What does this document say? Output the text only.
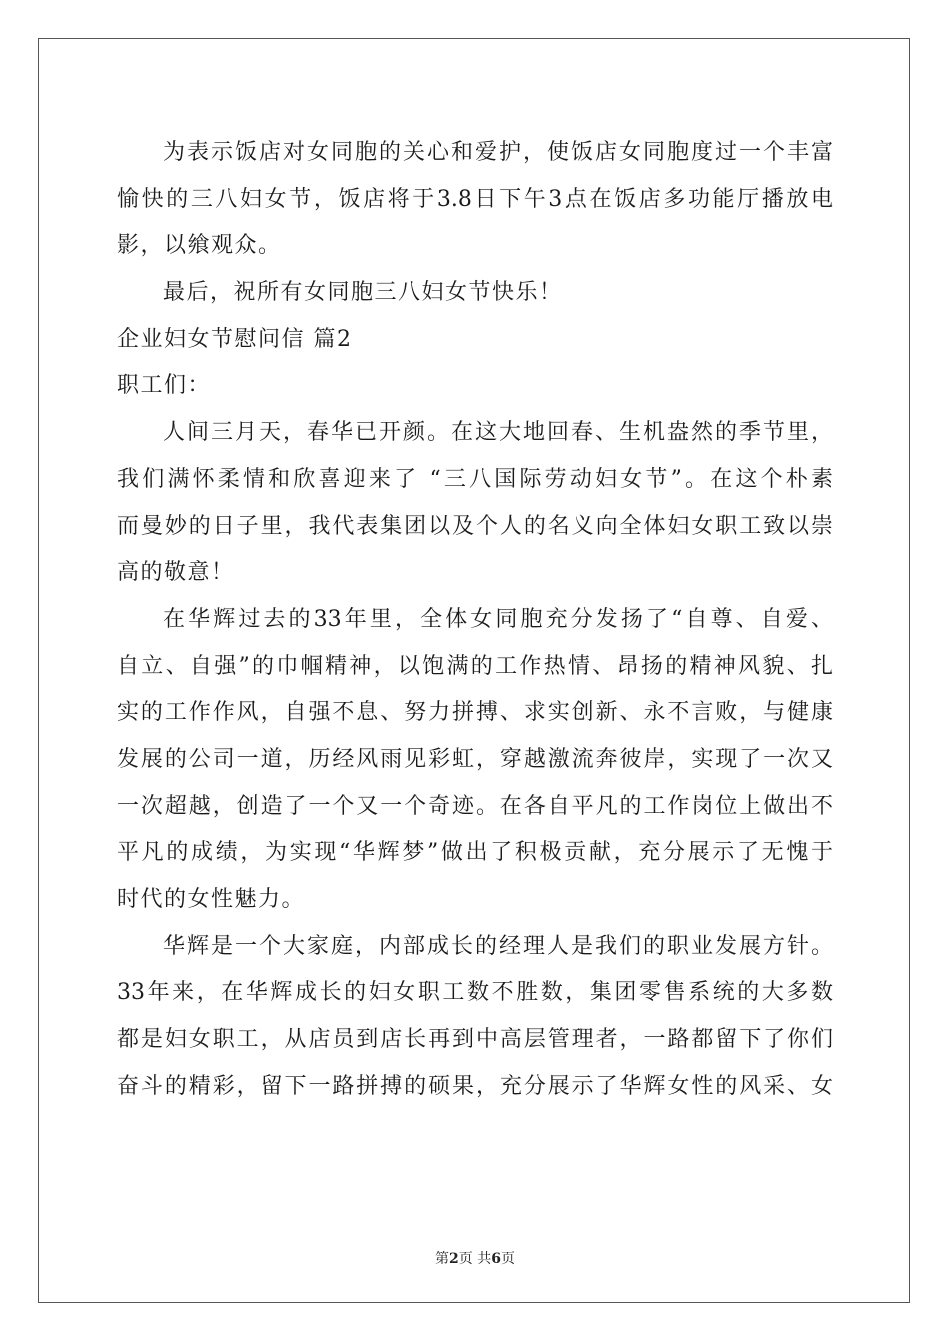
为表示饭店对女同胞的关心和爱护，使饭店女同胞度过一个丰富
愉快的三八妇女节，饭店将于3.8日下午3点在饭店多功能厅播放电
影，以飨观众。
最后，祝所有女同胞三八妇女节快乐！
企业妇女节慰问信 篇2
职工们：
人间三月天，春华已开颜。在这大地回春、生机盎然的季节里，
我们满怀柔情和欣喜迎来了 “三八国际劳动妇女节”。在这个朴素
而曼妙的日子里，我代表集团以及个人的名义向全体妇女职工致以崇
高的敬意！
在华辉过去的33年里，全体女同胞充分发扬了“自尊、自爱、
自立、自强”的巾帼精神，以饱满的工作热情、昂扬的精神风貌、扎
实的工作作风，自强不息、努力拼搏、求实创新、永不言败，与健康
发展的公司一道，历经风雨见彩虹，穿越激流奔彼岸，实现了一次又
一次超越，创造了一个又一个奇迹。在各自平凡的工作岗位上做出不
平凡的成绩，为实现“华辉梦”做出了积极贡献，充分展示了无愧于
时代的女性魅力。
华辉是一个大家庭，内部成长的经理人是我们的职业发展方针。
33年来，在华辉成长的妇女职工数不胜数，集团零售系统的大多数
都是妇女职工，从店员到店长再到中高层管理者，一路都留下了你们
奋斗的精彩，留下一路拼搏的硕果，充分展示了华辉女性的风采、女
第2页 共6页
